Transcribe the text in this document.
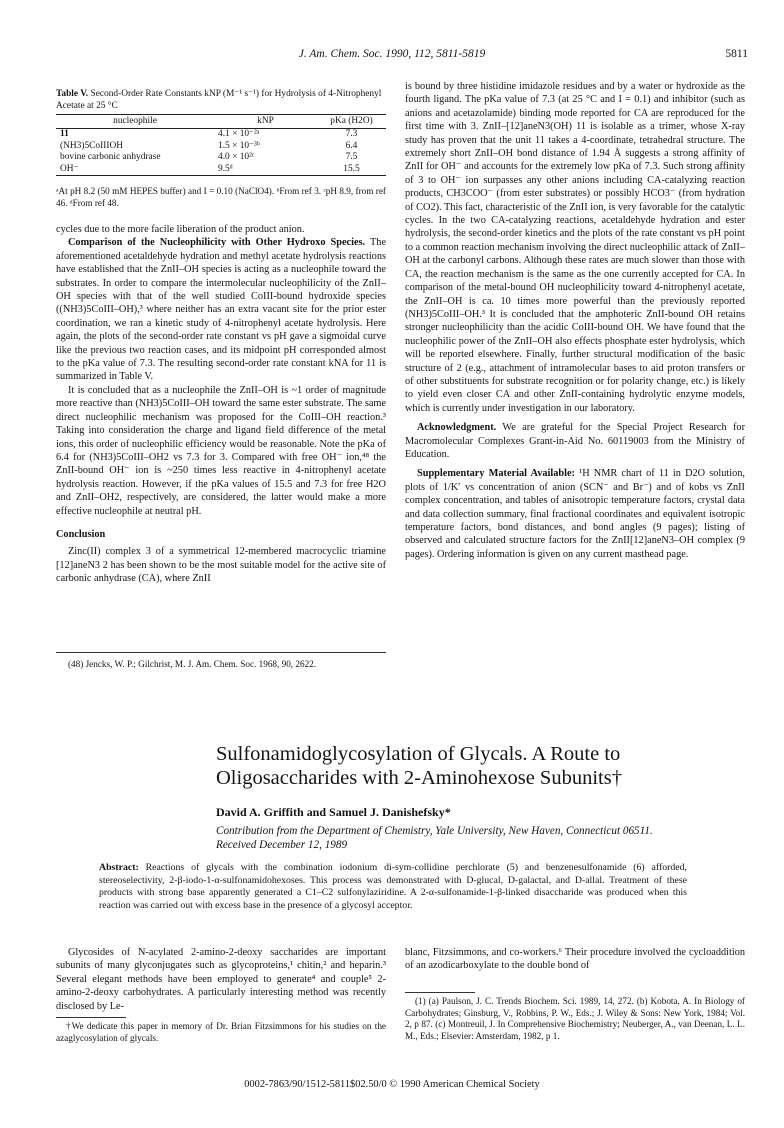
J. Am. Chem. Soc. 1990, 112, 5811-5819	5811
Table V. Second-Order Rate Constants kNP (M⁻¹ s⁻¹) for Hydrolysis of 4-Nitrophenyl Acetate at 25 °C
nucleophile	kNP	pKa (H2O)
11	4.1 × 10⁻²ᵃ	7.3
(NH3)5CoIIIOH	1.5 × 10⁻³ᵇ	6.4
bovine carbonic anhydrase	4.0 × 10²ᶜ	7.5
OH⁻	9.5ᵈ	15.5
ᵃAt pH 8.2 (50 mM HEPES buffer) and I = 0.10 (NaClO4). ᵇFrom ref 3. ᶜpH 8.9, from ref 46. ᵈFrom ref 48.

cycles due to the more facile liberation of the product anion.

Comparison of the Nucleophilicity with Other Hydroxo Species. The aforementioned acetaldehyde hydration and methyl acetate hydrolysis reactions have established that the ZnII–OH species is acting as a nucleophile toward the substrates. In order to compare the intermolecular nucleophilicity of the ZnII–OH species with that of the well studied CoIII-bound hydroxide species ((NH3)5CoIII–OH),³ where neither has an extra vacant site for the prior ester coordination, we ran a kinetic study of 4-nitrophenyl acetate hydrolysis. Here again, the plots of the second-order rate constant vs pH gave a sigmoidal curve like the previous two reaction cases, and its midpoint pH corresponded almost to the pKa value of 7.3. The resulting second-order rate constant kNA for 11 is summarized in Table V.

It is concluded that as a nucleophile the ZnII–OH is ~1 order of magnitude more reactive than (NH3)5CoIII–OH toward the same ester substrate. The same direct nucleophilic mechanism was proposed for the CoIII–OH reaction.³ Taking into consideration the charge and ligand field difference of the metal ions, this order of nucleophilic efficiency would be reasonable. Note the pKa of 6.4 for (NH3)5CoIII–OH2 vs 7.3 for 3. Compared with free OH⁻ ion,⁴⁸ the ZnII-bound OH⁻ ion is ~250 times less reactive in 4-nitrophenyl acetate hydrolysis reaction. However, if the pKa values of 15.5 and 7.3 for free H2O and ZnII–OH2, respectively, are considered, the latter would make a more effective nucleophile at neutral pH.

Conclusion

Zinc(II) complex 3 of a symmetrical 12-membered macrocyclic triamine [12]aneN3 2 has been shown to be the most suitable model for the active site of carbonic anhydrase (CA), where ZnII

(48) Jencks, W. P.; Gilchrist, M. J. Am. Chem. Soc. 1968, 90, 2622.

is bound by three histidine imidazole residues and by a water or hydroxide as the fourth ligand. The pKa value of 7.3 (at 25 °C and I = 0.1) and inhibitor (such as anions and acetazolamide) binding mode reported for CA are reproduced for the first time with 3. ZnII–[12]aneN3(OH) 11 is isolable as a trimer, whose X-ray study has proven that the unit 11 takes a 4-coordinate, tetrahedral structure. The extremely short ZnII–OH bond distance of 1.94 Å suggests a strong affinity of ZnII for OH⁻ and accounts for the extremely low pKa of 7.3. Such strong affinity of 3 to OH⁻ ion surpasses any other anions including CA-catalyzing reaction products, CH3COO⁻ (from ester substrates) or possibly HCO3⁻ (from hydration of CO2). This fact, characteristic of the ZnII ion, is very favorable for the catalytic cycles. In the two CA-catalyzing reactions, acetaldehyde hydration and ester hydrolysis, the second-order kinetics and the plots of the rate constant vs pH point to a common reaction mechanism involving the direct nucleophilic attack of ZnII–OH at the carbonyl carbons. Although these rates are much slower than those with CA, the reaction mechanism is the same as the one currently accepted for CA. In comparison of the metal-bound OH nucleophilicity toward 4-nitrophenyl acetate, the ZnII–OH is ca. 10 times more powerful than the previously reported (NH3)5CoIII–OH.³ It is concluded that the amphoteric ZnII-bound OH retains stronger nucleophilicity than the acidic CoIII-bound OH. We have found that the nucleophilic power of the ZnII–OH also effects phosphate ester hydrolysis, which will be reported elsewhere. Finally, further structural modification of the basic structure of 2 (e.g., attachment of intramolecular bases to aid proton transfers or of other substituents for substrate recognition or for polarity change, etc.) is likely to yield even closer CA and other ZnII-containing hydrolytic enzyme models, which is currently under investigation in our laboratory.

Acknowledgment. We are grateful for the Special Project Research for Macromolecular Complexes Grant-in-Aid No. 60119003 from the Ministry of Education.

Supplementary Material Available: ¹H NMR chart of 11 in D2O solution, plots of 1/K′ vs concentration of anion (SCN⁻ and Br⁻) and of kobs vs ZnII complex concentration, and tables of anisotropic temperature factors, crystal data and data collection summary, final fractional coordinates and equivalent isotropic temperature factors, bond distances, and bond angles (9 pages); listing of observed and calculated structure factors for the ZnII[12]aneN3–OH complex (9 pages). Ordering information is given on any current masthead page.

Sulfonamidoglycosylation of Glycals. A Route to
Oligosaccharides with 2-Aminohexose Subunits†
David A. Griffith and Samuel J. Danishefsky*
Contribution from the Department of Chemistry, Yale University, New Haven, Connecticut 06511.
Received December 12, 1989
Abstract: Reactions of glycals with the combination iodonium di-sym-collidine perchlorate (5) and benzenesulfonamide (6) afforded, stereoselectivity, 2-β-iodo-1-α-sulfonamidohexoses. This process was demonstrated with D-glucal, D-galactal, and D-allal. Treatment of these products with strong base apparently generated a C1–C2 sulfonylaziridine. A 2-α-sulfonamide-1-β-linked disaccharide was produced when this reaction was carried out with excess base in the presence of a glycosyl acceptor.

Glycosides of N-acylated 2-amino-2-deoxy saccharides are important subunits of many glyconjugates such as glycoproteins,¹ chitin,² and heparin.³ Several elegant methods have been employed to generate⁴ and couple⁵ 2-amino-2-deoxy carbohydrates. A particularly interesting method was recently disclosed by Le-

blanc, Fitzsimmons, and co-workers.⁶ Their procedure involved the cycloaddition of an azodicarboxylate to the double bond of

†We dedicate this paper in memory of Dr. Brian Fitzsimmons for his studies on the azaglycosylation of glycals.
(1) (a) Paulson, J. C. Trends Biochem. Sci. 1989, 14, 272. (b) Kobota, A. In Biology of Carbohydrates; Ginsburg, V., Robbins, P. W., Eds.; J. Wiley & Sons: New York, 1984; Vol. 2, p 87. (c) Montreuil, J. In Comprehensive Biochemistry; Neuberger, A., van Deenan, L. L. M., Eds.; Elsevier: Amsterdam, 1982, p 1.
0002-7863/90/1512-5811$02.50/0 © 1990 American Chemical Society
